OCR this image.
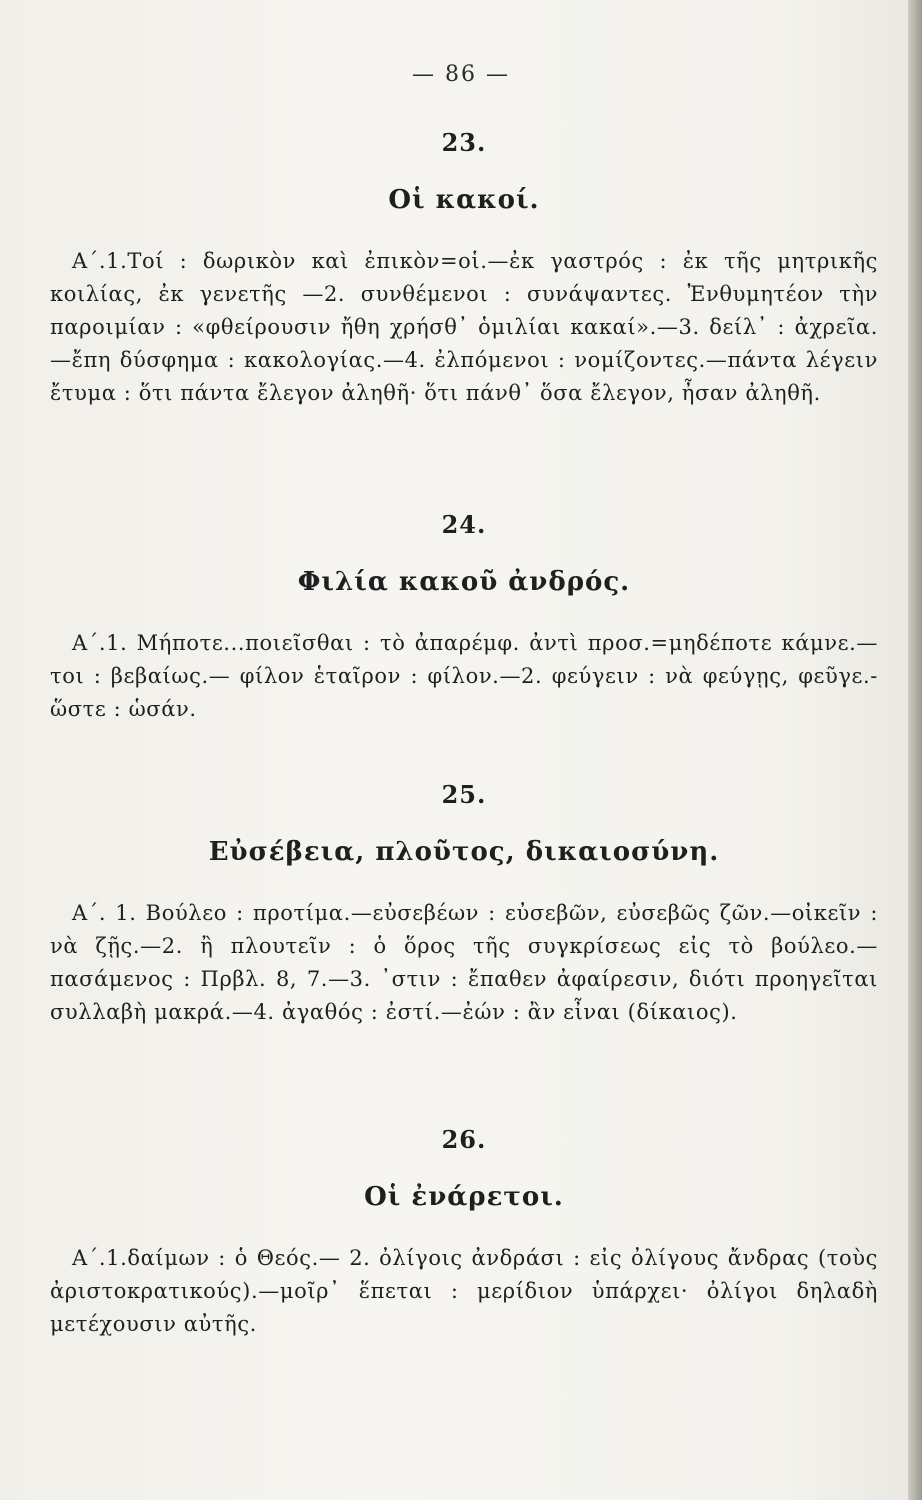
— 86 —
23.
Οἱ κακοί.
Α΄.1.Τοί : δωρικὸν καὶ ἐπικὸν=οἱ.—ἐκ γαστρός : ἐκ τῆς μητρικῆς κοιλίας, ἐκ γενετῆς —2. συνθέμενοι : συνάψαντες. Ἐνθυμητέον τὴν παροιμίαν : «φθείρουσιν ἤθη χρήσθ᾽ ὁμιλίαι κακαί».—3. δείλ᾽ : ἀχρεῖα.—ἔπη δύσφημα : κακολογίας.—4. ἐλπόμενοι : νομίζοντες.—πάντα λέγειν ἔτυμα : ὅτι πάντα ἔλεγον ἀληθῆ· ὅτι πάνθ᾽ ὅσα ἔλεγον, ἦσαν ἀληθῆ.
24.
Φιλία κακοῦ ἀνδρός.
Α΄.1. Μήποτε...ποιεῖσθαι : τὸ ἀπαρέμφ. ἀντὶ προσ.=μηδέποτε κάμνε.—τοι : βεβαίως.— φίλον ἑταῖρον : φίλον.—2. φεύγειν : νὰ φεύγῃς, φεῦγε.- ὥστε : ὡσάν.
25.
Εὐσέβεια, πλοῦτος, δικαιοσύνη.
Α΄. 1. Βούλεο : προτίμα.—εὐσεβέων : εὐσεβῶν, εὐσεβῶς ζῶν.—οἰκεῖν : νὰ ζῇς.—2. ἢ πλουτεῖν : ὁ ὅρος τῆς συγκρίσεως εἰς τὸ βούλεο.—πασάμενος : Πρβλ. 8, 7.—3. ᾿στιν : ἔπαθεν ἀφαίρεσιν, διότι προηγεῖται συλλαβὴ μακρά.—4. ἀγαθός : ἐστί.—ἐών : ἂν εἶναι (δίκαιος).
26.
Οἱ ἐνάρετοι.
Α΄.1.δαίμων : ὁ Θεός.— 2. ὀλίγοις ἀνδράσι : εἰς ὀλίγους ἄνδρας (τοὺς ἀριστοκρατικούς).—μοῖρ᾽ ἕπεται : μερίδιον ὑπάρχει· ὀλίγοι δηλαδὴ μετέχουσιν αὐτῆς.
